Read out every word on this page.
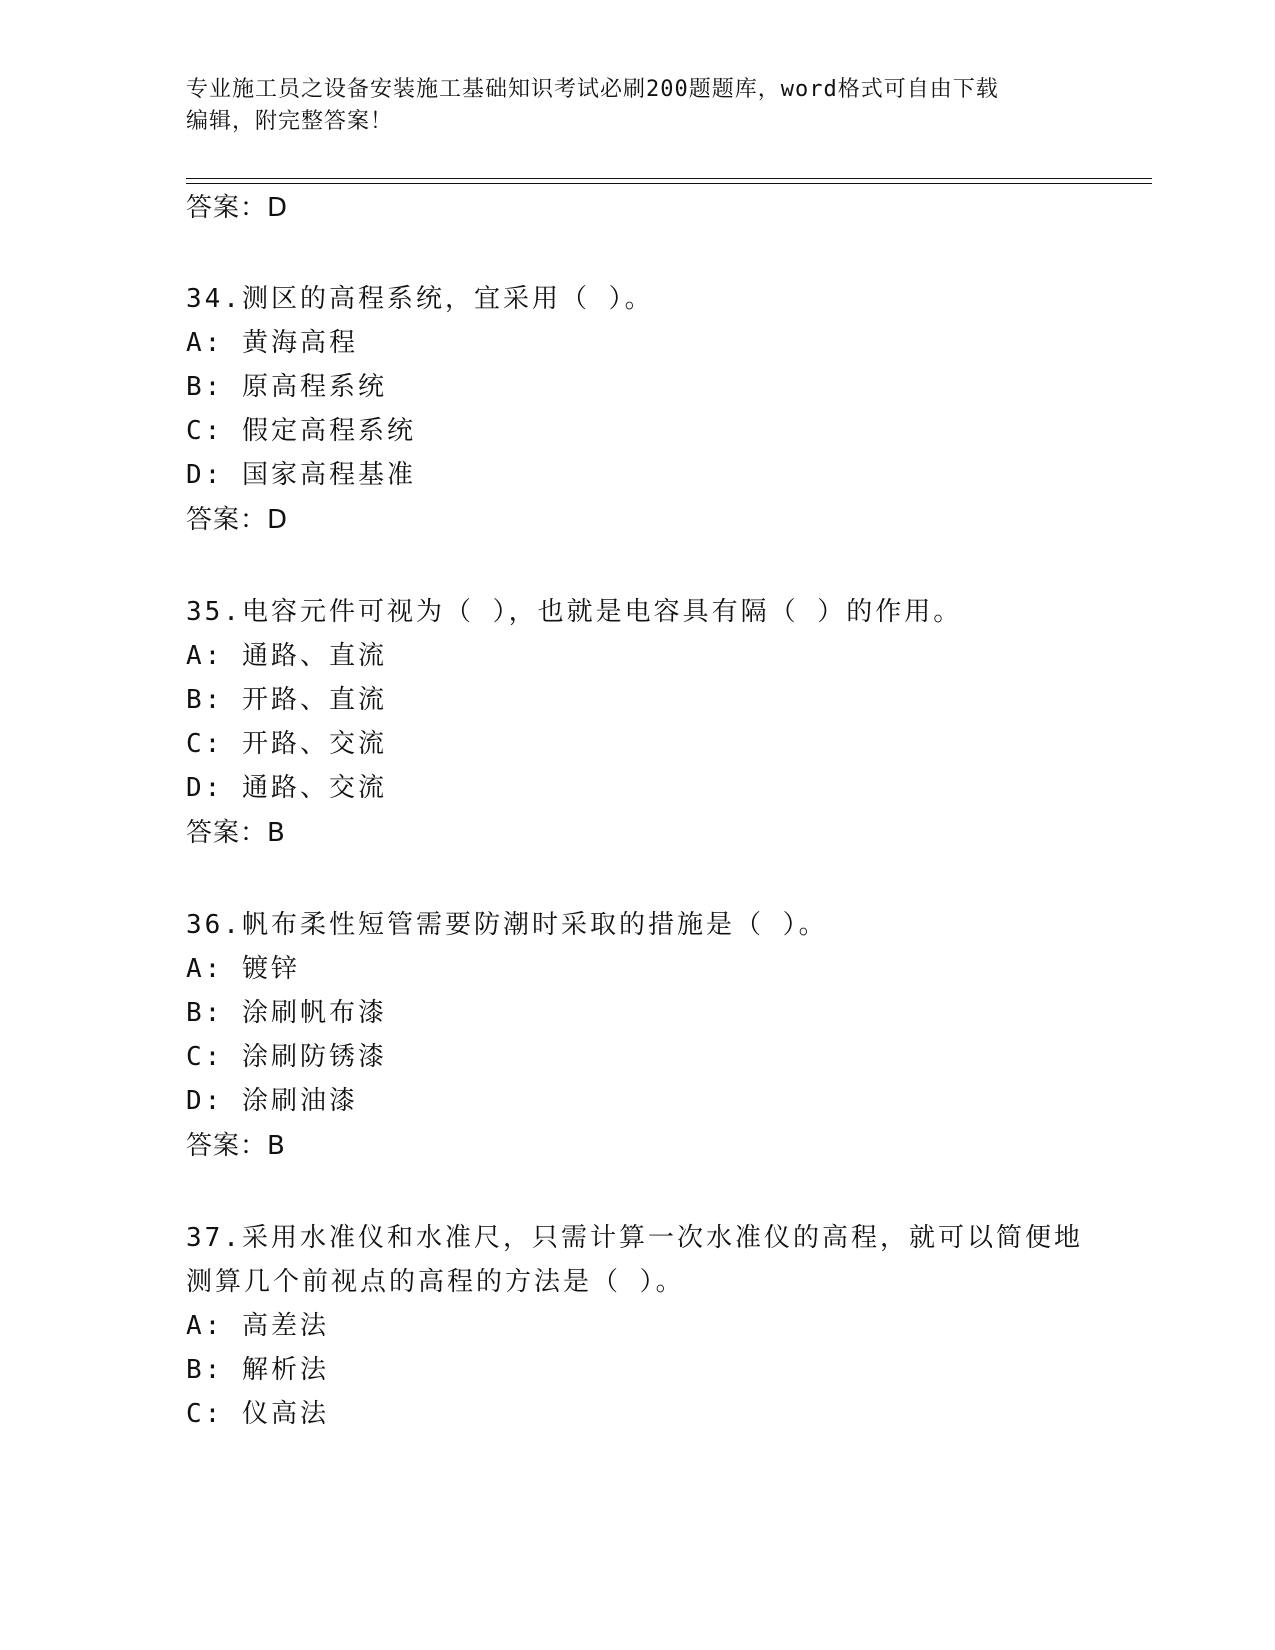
专业施工员之设备安装施工基础知识考试必刷200题题库，word格式可自由下载
编辑，附完整答案！
答案：D
34.测区的高程系统，宜采用（ ）。
A: 黄海高程
B: 原高程系统
C: 假定高程系统
D: 国家高程基准
答案：D
35.电容元件可视为（ ），也就是电容具有隔（ ）的作用。
A: 通路、直流
B: 开路、直流
C: 开路、交流
D: 通路、交流
答案：B
36.帆布柔性短管需要防潮时采取的措施是（ ）。
A: 镀锌
B: 涂刷帆布漆
C: 涂刷防锈漆
D: 涂刷油漆
答案：B
37.采用水准仪和水准尺，只需计算一次水准仪的高程，就可以简便地
测算几个前视点的高程的方法是（ ）。
A: 高差法
B: 解析法
C: 仪高法
